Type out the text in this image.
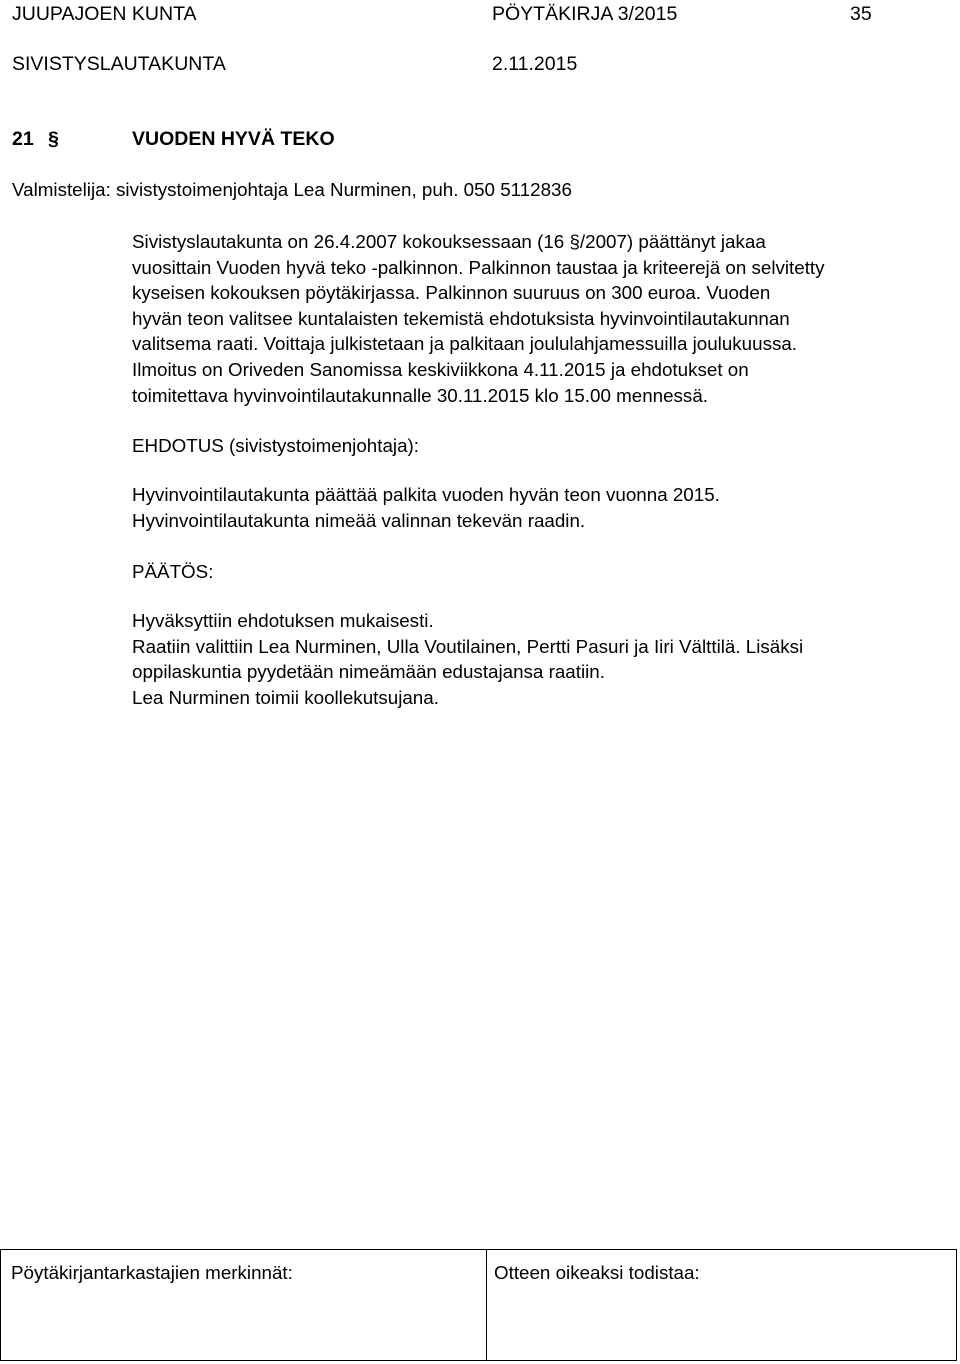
JUUPAJOEN KUNTA	PÖYTÄKIRJA 3/2015	35
SIVISTYSLAUTAKUNTA	2.11.2015
21 §	VUODEN HYVÄ TEKO
Valmistelija: sivistystoimenjohtaja Lea Nurminen, puh. 050 5112836

Sivistyslautakunta on 26.4.2007 kokouksessaan (16 §/2007) päättänyt jakaa

vuosittain Vuoden hyvä teko -palkinnon. Palkinnon taustaa ja kriteerejä on selvitetty

kyseisen kokouksen pöytäkirjassa. Palkinnon suuruus on 300 euroa. Vuoden

hyvän teon valitsee kuntalaisten tekemistä ehdotuksista hyvinvointilautakunnan

valitsema raati. Voittaja julkistetaan ja palkitaan joululahjamessuilla joulukuussa.

Ilmoitus on Oriveden Sanomissa keskiviikkona 4.11.2015 ja ehdotukset on

toimitettava hyvinvointilautakunnalle 30.11.2015 klo 15.00 mennessä.

EHDOTUS (sivistystoimenjohtaja):

Hyvinvointilautakunta päättää palkita vuoden hyvän teon vuonna 2015.

Hyvinvointilautakunta nimeää valinnan tekevän raadin.

PÄÄTÖS:

Hyväksyttiin ehdotuksen mukaisesti.

Raatiin valittiin Lea Nurminen, Ulla Voutilainen, Pertti Pasuri ja Iiri Välttilä. Lisäksi

oppilaskuntia pyydetään nimeämään edustajansa raatiin.

Lea Nurminen toimii koollekutsujana.

Pöytäkirjantarkastajien merkinnät:	Otteen oikeaksi todistaa:
